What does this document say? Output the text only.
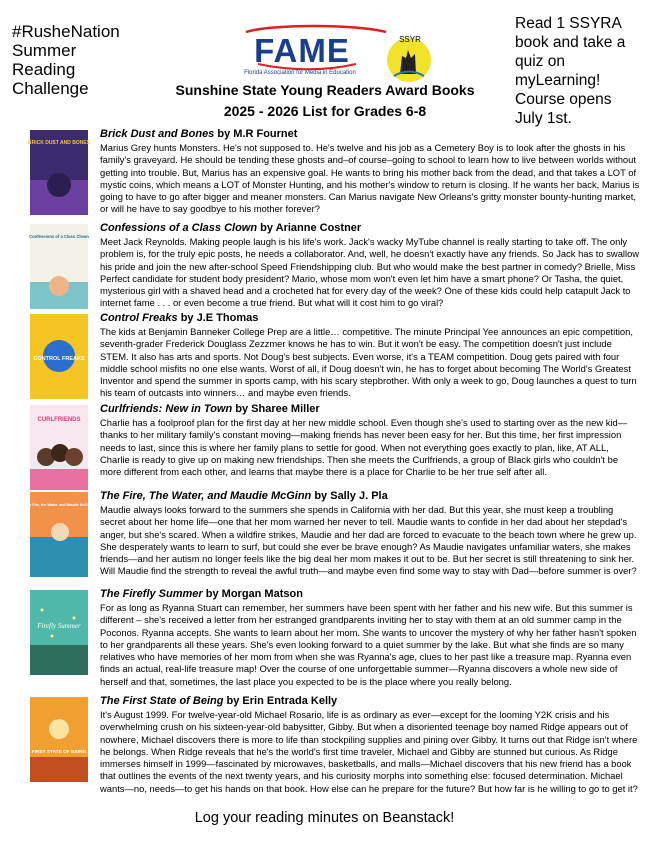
#RusheNation
Summer
Reading
Challenge
FAME
Florida Association for Media in Education
SSYR
Read 1 SSYRA
book and take a
quiz on
myLearning!
Course opens
July 1st.
Sunshine State Young Readers Award Books
2025 - 2026 List for Grades 6-8
BRICK DUST AND BONES
Brick Dust and Bones by M.R Fournet
Marius Grey hunts Monsters. He's not supposed to. He's twelve and his job as a Cemetery Boy is to look after the ghosts in his family's graveyard. He should be tending these ghosts and–of course–going to school to learn how to live between worlds without getting into trouble. But, Marius has an expensive goal. He wants to bring his mother back from the dead, and that takes a LOT of mystic coins, which means a LOT of Monster Hunting, and his mother's window to return is closing. If he wants her back, Marius is going to have to go after bigger and meaner monsters. Can Marius navigate New Orleans's gritty monster bounty-hunting market, or will he have to say goodbye to his mother forever?
Confessions of a Class Clown
Confessions of a Class Clown by Arianne Costner
Meet Jack Reynolds. Making people laugh is his life's work. Jack's wacky MyTube channel is really starting to take off. The only problem is, for the truly epic posts, he needs a collaborator. And, well, he doesn't exactly have any friends. So Jack has to swallow his pride and join the new after-school Speed Friendshipping club. But who would make the best partner in comedy? Brielle, Miss Perfect candidate for student body president? Mario, whose mom won't even let him have a smart phone? Or Tasha, the quiet, mysterious girl with a shaved head and a crocheted hat for every day of the week? One of these kids could help catapult Jack to internet fame . . . or even become a true friend. But what will it cost him to go viral?
CONTROL FREAKS
Control Freaks by J.E Thomas
The kids at Benjamin Banneker College Prep are a little… competitive. The minute Principal Yee announces an epic competition, seventh-grader Frederick Douglass Zezzmer knows he has to win. But it won't be easy. The competition doesn't just include STEM. It also has arts and sports. Not Doug's best subjects. Even worse, it's a TEAM competition. Doug gets paired with four middle school misfits no one else wants. Worst of all, if Doug doesn't win, he has to forget about becoming The World's Greatest Inventor and spend the summer in sports camp, with his scary stepbrother. With only a week to go, Doug launches a quest to turn his team of outcasts into winners… and maybe even friends.
CURLFRIENDS
Curlfriends: New in Town by Sharee Miller
Charlie has a foolproof plan for the first day at her new middle school. Even though she's used to starting over as the new kid—thanks to her military family's constant moving—making friends has never been easy for her. But this time, her first impression needs to last, since this is where her family plans to settle for good. When not everything goes exactly to plan, like, AT ALL, Charlie is ready to give up on making new friendships. Then she meets the Curlfriends, a group of Black girls who couldn't be more different from each other, and learns that maybe there is a place for Charlie to be her true self after all.
The Fire, the Water, and Maudie McGinn
The Fire, The Water, and Maudie McGinn by Sally J. Pla
Maudie always looks forward to the summers she spends in California with her dad. But this year, she must keep a troubling secret about her home life—one that her mom warned her never to tell. Maudie wants to confide in her dad about her stepdad's anger, but she's scared. When a wildfire strikes, Maudie and her dad are forced to evacuate to the beach town where he grew up. She desperately wants to learn to surf, but could she ever be brave enough? As Maudie navigates unfamiliar waters, she makes friends—and her autism no longer feels like the big deal her mom makes it out to be. But her secret is still threatening to sink her. Will Maudie find the strength to reveal the awful truth—and maybe even find some way to stay with Dad—before summer is over?
Firefly Summer
The Firefly Summer by Morgan Matson
For as long as Ryanna Stuart can remember, her summers have been spent with her father and his new wife. But this summer is different – she's received a letter from her estranged grandparents inviting her to stay with them at an old summer camp in the Poconos. Ryanna accepts. She wants to learn about her mom. She wants to uncover the mystery of why her father hasn't spoken to her grandparents all these years. She's even looking forward to a quiet summer by the lake. But what she finds are so many relatives who have memories of her mom from when she was Ryanna's age, clues to her past like a treasure map. Ryanna even finds an actual, real-life treasure map! Over the course of one unforgettable summer—Ryanna discovers a whole new side of herself and that, sometimes, the last place you expected to be is the place where you really belong.
FIRST STATE OF BEING
The First State of Being by Erin Entrada Kelly
It's August 1999. For twelve-year-old Michael Rosario, life is as ordinary as ever—except for the looming Y2K crisis and his overwhelming crush on his sixteen-year-old babysitter, Gibby. But when a disoriented teenage boy named Ridge appears out of nowhere, Michael discovers there is more to life than stockpiling supplies and pining over Gibby. It turns out that Ridge isn't where he belongs. When Ridge reveals that he's the world's first time traveler, Michael and Gibby are stunned but curious. As Ridge immerses himself in 1999—fascinated by microwaves, basketballs, and malls—Michael discovers that his new friend has a book that outlines the events of the next twenty years, and his curiosity morphs into something else: focused determination. Michael wants—no, needs—to get his hands on that book. How else can he prepare for the future? But how far is he willing to go to get it?
Log your reading minutes on Beanstack!
